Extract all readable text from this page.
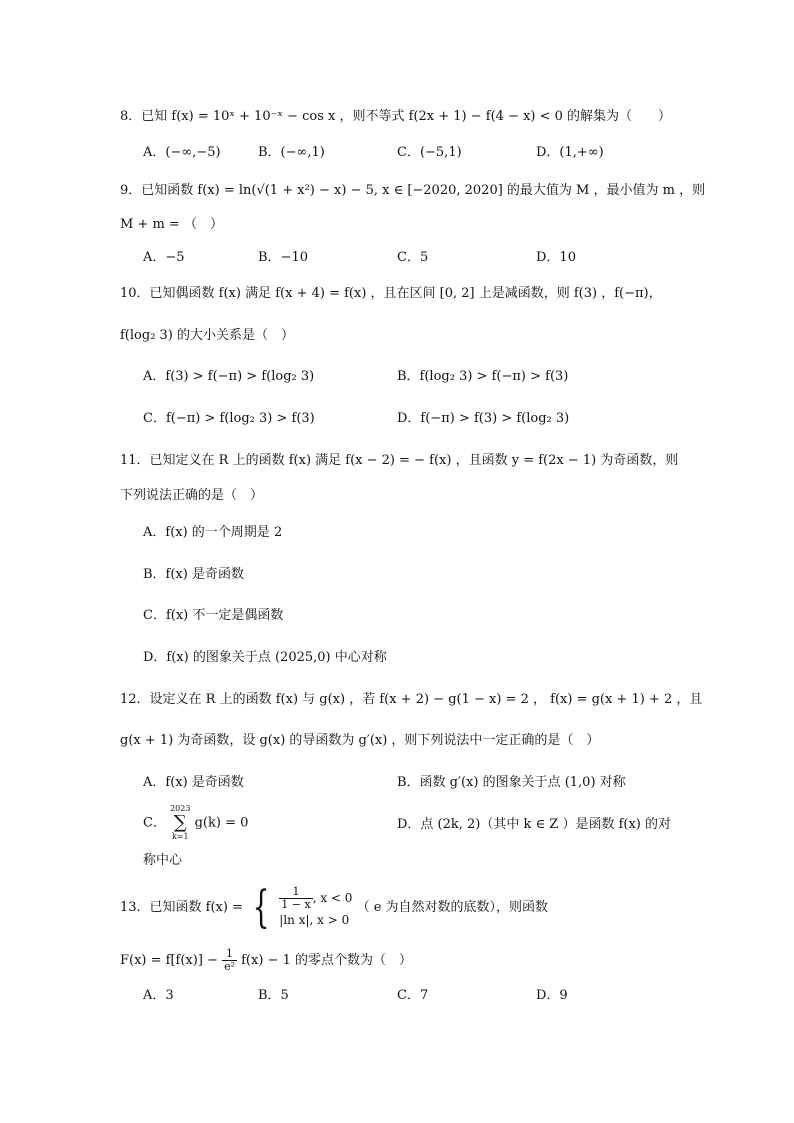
8．已知 f(x) = 10ˣ + 10⁻ˣ − cos x ，则不等式 f(2x + 1) − f(4 − x) < 0 的解集为（　　）
A．(−∞,−5)	B．(−∞,1)	C．(−5,1)	D．(1,+∞)
9．已知函数 f(x) = ln(√(1 + x²) − x) − 5, x ∈ [−2020, 2020] 的最大值为 M ，最小值为 m ，则
M + m = （　）
A．−5	B．−10	C．5	D．10
10．已知偶函数 f(x) 满足 f(x + 4) = f(x) ，且在区间 [0, 2] 上是减函数，则 f(3) ，f(−π)，
f(log₂ 3) 的大小关系是（　）
A．f(3) > f(−π) > f(log₂ 3)	B．f(log₂ 3) > f(−π) > f(3)
C．f(−π) > f(log₂ 3) > f(3)	D．f(−π) > f(3) > f(log₂ 3)
11．已知定义在 R 上的函数 f(x) 满足 f(x − 2) = − f(x) ，且函数 y = f(2x − 1) 为奇函数，则
下列说法正确的是（　）
A．f(x) 的一个周期是 2
B．f(x) 是奇函数
C．f(x) 不一定是偶函数
D．f(x) 的图象关于点 (2025,0) 中心对称
12．设定义在 R 上的函数 f(x) 与 g(x) ，若 f(x + 2) − g(1 − x) = 2 ， f(x) = g(x + 1) + 2 ，且
g(x + 1) 为奇函数，设 g(x) 的导函数为 g′(x) ，则下列说法中一定正确的是（　）
A．f(x) 是奇函数	B．函数 g′(x) 的图象关于点 (1,0) 对称
C．
2023
∑
k=1
g(k) = 0	D．点 (2k, 2)（其中 k ∈ Z ）是函数 f(x) 的对
称中心
13．已知函数 f(x) = { $\frac{1}{1 - x}$ , x < 0
|ln x|, x > 0
（ e 为自然对数的底数），则函数
$F(x) = f[f(x)] - \frac{1}{\text{e²}} f(x) - 1$ 的零点个数为（　）
A．3	B．5	C．7	D．9
